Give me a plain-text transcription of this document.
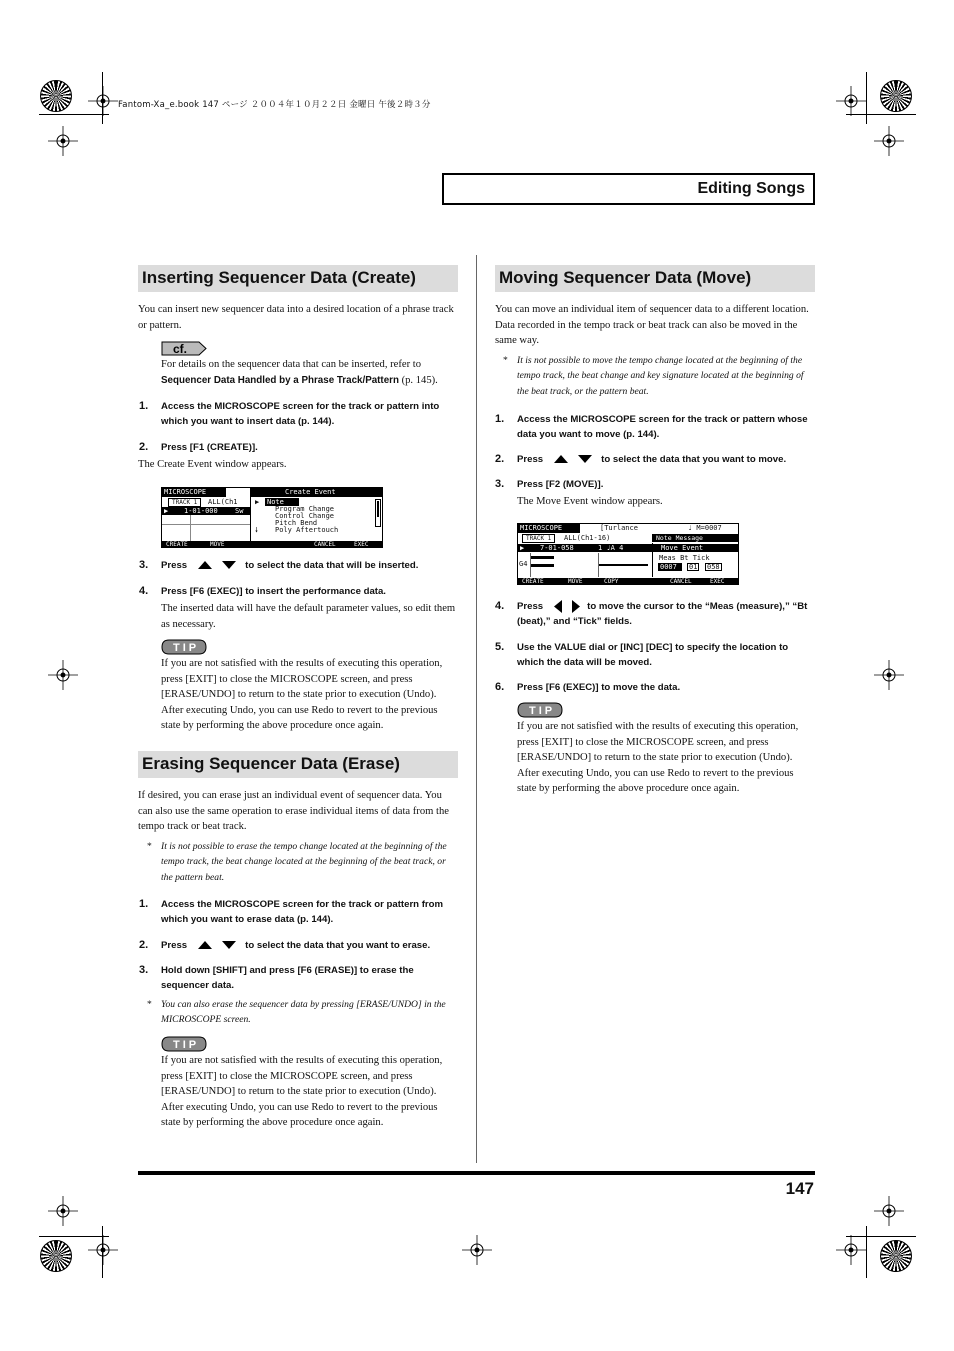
Fantom-Xa_e.book 147 ページ ２００４年１０月２２日 金曜日 午後２時３分
Editing Songs
Inserting Sequencer Data (Create)
You can insert new sequencer data into a desired location of a phrase track or pattern.
cf.
For details on the sequencer data that can be inserted, refer to Sequencer Data Handled by a Phrase Track/Pattern (p. 145).
1. Access the MICROSCOPE screen for the track or pattern into which you want to insert data (p. 144).
2. Press [F1 (CREATE)].
The Create Event window appears.
MICROSCOPE
TRACK 1	ALL(Ch1
▶ 1-01-000 Sw
Create Event
▶ Note
Program Change
Control Change
Pitch Bend
Poly Aftertouch
🠗
CREATE	MOVE	CANCEL	EXEC
3. Press	to select the data that will be inserted.
4. Press [F6 (EXEC)] to insert the performance data.
The inserted data will have the default parameter values, so edit them as necessary.
TIP
If you are not satisfied with the results of executing this operation, press [EXIT] to close the MICROSCOPE screen, and press [ERASE/UNDO] to return to the state prior to execution (Undo). After executing Undo, you can use Redo to revert to the previous state by performing the above procedure once again.
Erasing Sequencer Data (Erase)
If desired, you can erase just an individual event of sequencer data. You can also use the same operation to erase individual items of data from the tempo track or beat track.
* It is not possible to erase the tempo change located at the beginning of the tempo track, the beat change located at the beginning of the beat track, or the pattern beat.
1. Access the MICROSCOPE screen for the track or pattern from which you want to erase data (p. 144).
2. Press	to select the data that you want to erase.
3. Hold down [SHIFT] and press [F6 (ERASE)] to erase the sequencer data.
* You can also erase the sequencer data by pressing [ERASE/UNDO] in the MICROSCOPE screen.
TIP
If you are not satisfied with the results of executing this operation, press [EXIT] to close the MICROSCOPE screen, and press [ERASE/UNDO] to return to the state prior to execution (Undo). After executing Undo, you can use Redo to revert to the previous state by performing the above procedure once again.
Moving Sequencer Data (Move)
You can move an individual item of sequencer data to a different location. Data recorded in the tempo track or beat track can also be moved in the same way.
* It is not possible to move the tempo change located at the beginning of the tempo track, the beat change and key signature located at the beginning of the beat track, or the pattern beat.
1. Access the MICROSCOPE screen for the track or pattern whose data you want to move (p. 144).
2. Press	to select the data that you want to move.
3. Press [F2 (MOVE)].
The Move Event window appears.
MICROSCOPE	[Turlance	♩ M=0007
TRACK 1	ALL(Ch1-16)	Note Message
▶ 7-01-058	1 ♩A 4
G4
Move Event
Meas Bt Tick
0007 01 058
CREATE	MOVE	COPY	CANCEL	EXEC
4. Press	to move the cursor to the “Meas (measure),” “Bt (beat),” and “Tick” fields.
5. Use the VALUE dial or [INC] [DEC] to specify the location to which the data will be moved.
6. Press [F6 (EXEC)] to move the data.
TIP
If you are not satisfied with the results of executing this operation, press [EXIT] to close the MICROSCOPE screen, and press [ERASE/UNDO] to return to the state prior to execution (Undo). After executing Undo, you can use Redo to revert to the previous state by performing the above procedure once again.
147
